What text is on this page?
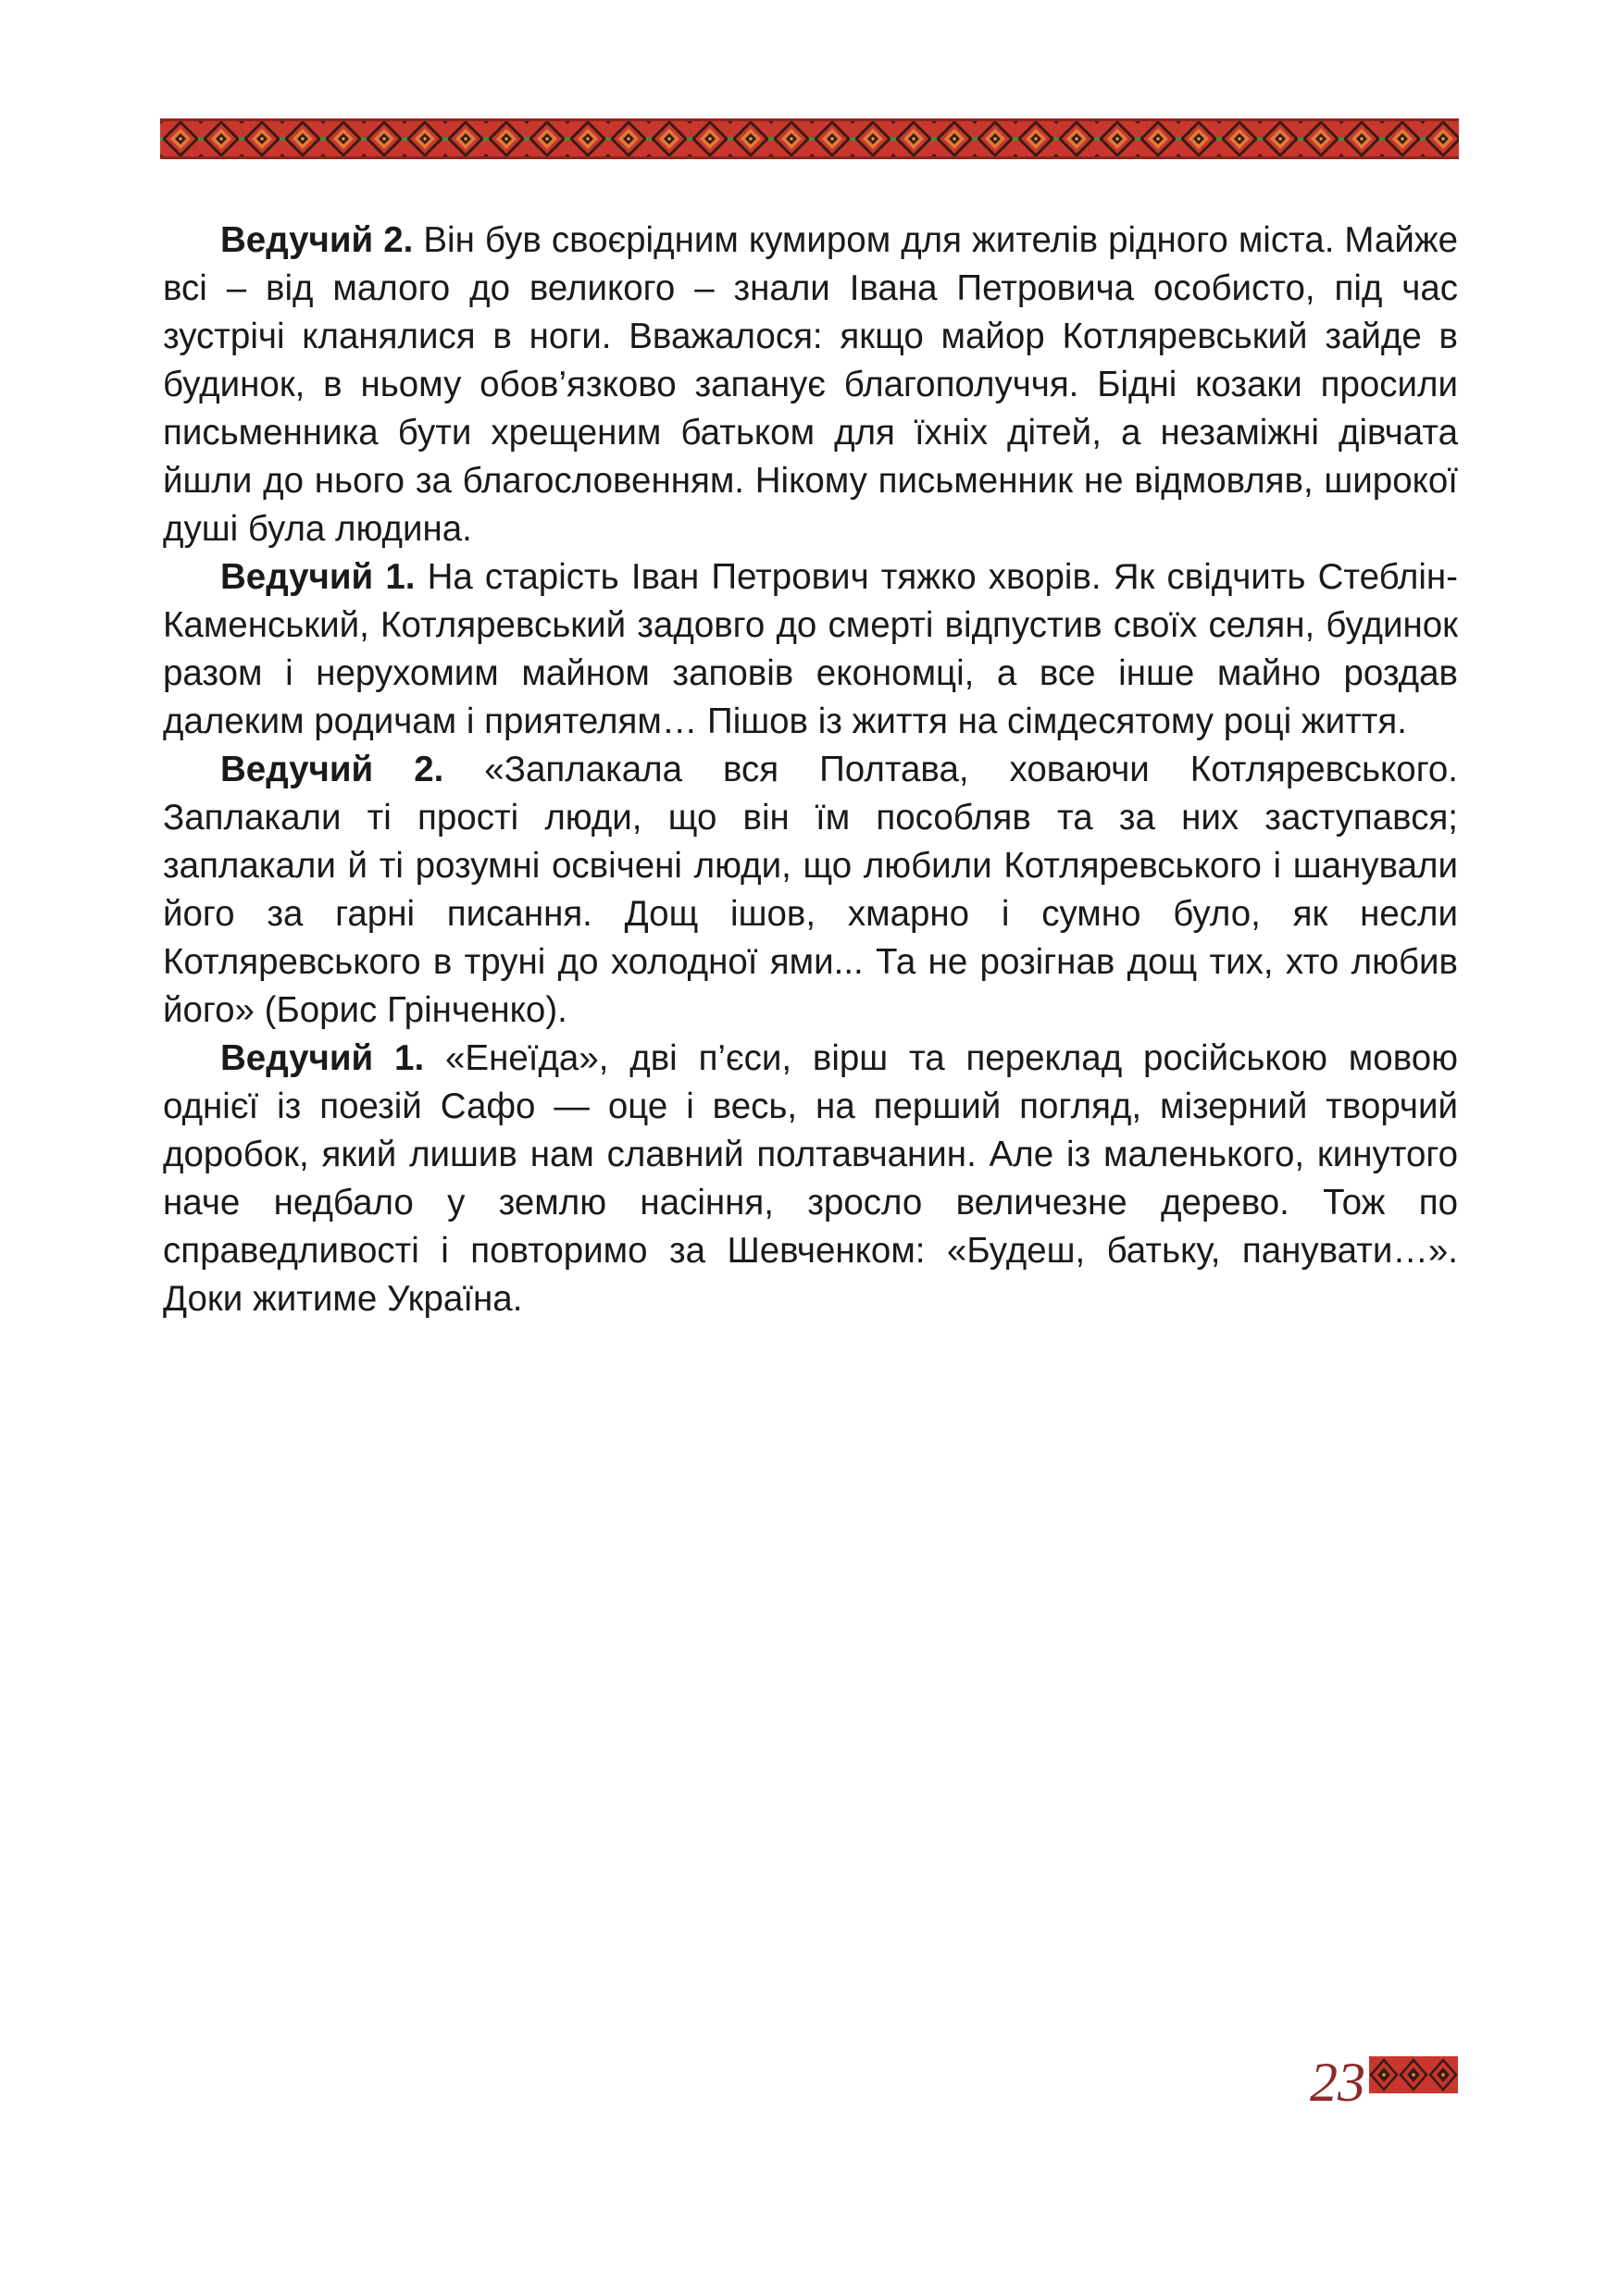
Ведучий 2. Він був своєрідним кумиром для жителів рідного міста. Майже всі – від малого до великого – знали Івана Петровича особисто, під час зустрічі кланялися в ноги. Вважалося: якщо майор Котляревський зайде в будинок, в ньому обов’язково запанує благополуччя. Бідні козаки просили письменника бути хрещеним батьком для їхніх дітей, а незаміжні дівчата йшли до нього за благословенням. Нікому письменник не відмовляв, широкої душі була людина.

Ведучий 1. На старість Іван Петрович тяжко хворів. Як свідчить Стеблін-Каменський, Котляревський задовго до смерті відпустив своїх селян, будинок разом і нерухомим майном заповів економці, а все інше майно роздав далеким родичам і приятелям… Пішов із життя на сімдесятому році життя.

Ведучий 2. «Заплакала вся Полтава, ховаючи Котляревського. Заплакали ті прості люди, що він їм пособляв та за них заступався; заплакали й ті розумні освічені люди, що любили Котляревського і шанували його за гарні писання. Дощ ішов, хмарно і сумно було, як несли Котляревського в труні до холодної ями... Та не розігнав дощ тих, хто любив його» (Борис Грінченко).

Ведучий 1. «Енеїда», дві п’єси, вірш та переклад російською мовою однієї із поезій Сафо — оце і весь, на перший погляд, мізерний творчий доробок, який лишив нам славний полтавчанин. Але із маленького, кинутого наче недбало у землю насіння, зросло величезне дерево. Тож по справедливості і повторимо за Шевченком: «Будеш, батьку, панувати…». Доки житиме Україна.

23
